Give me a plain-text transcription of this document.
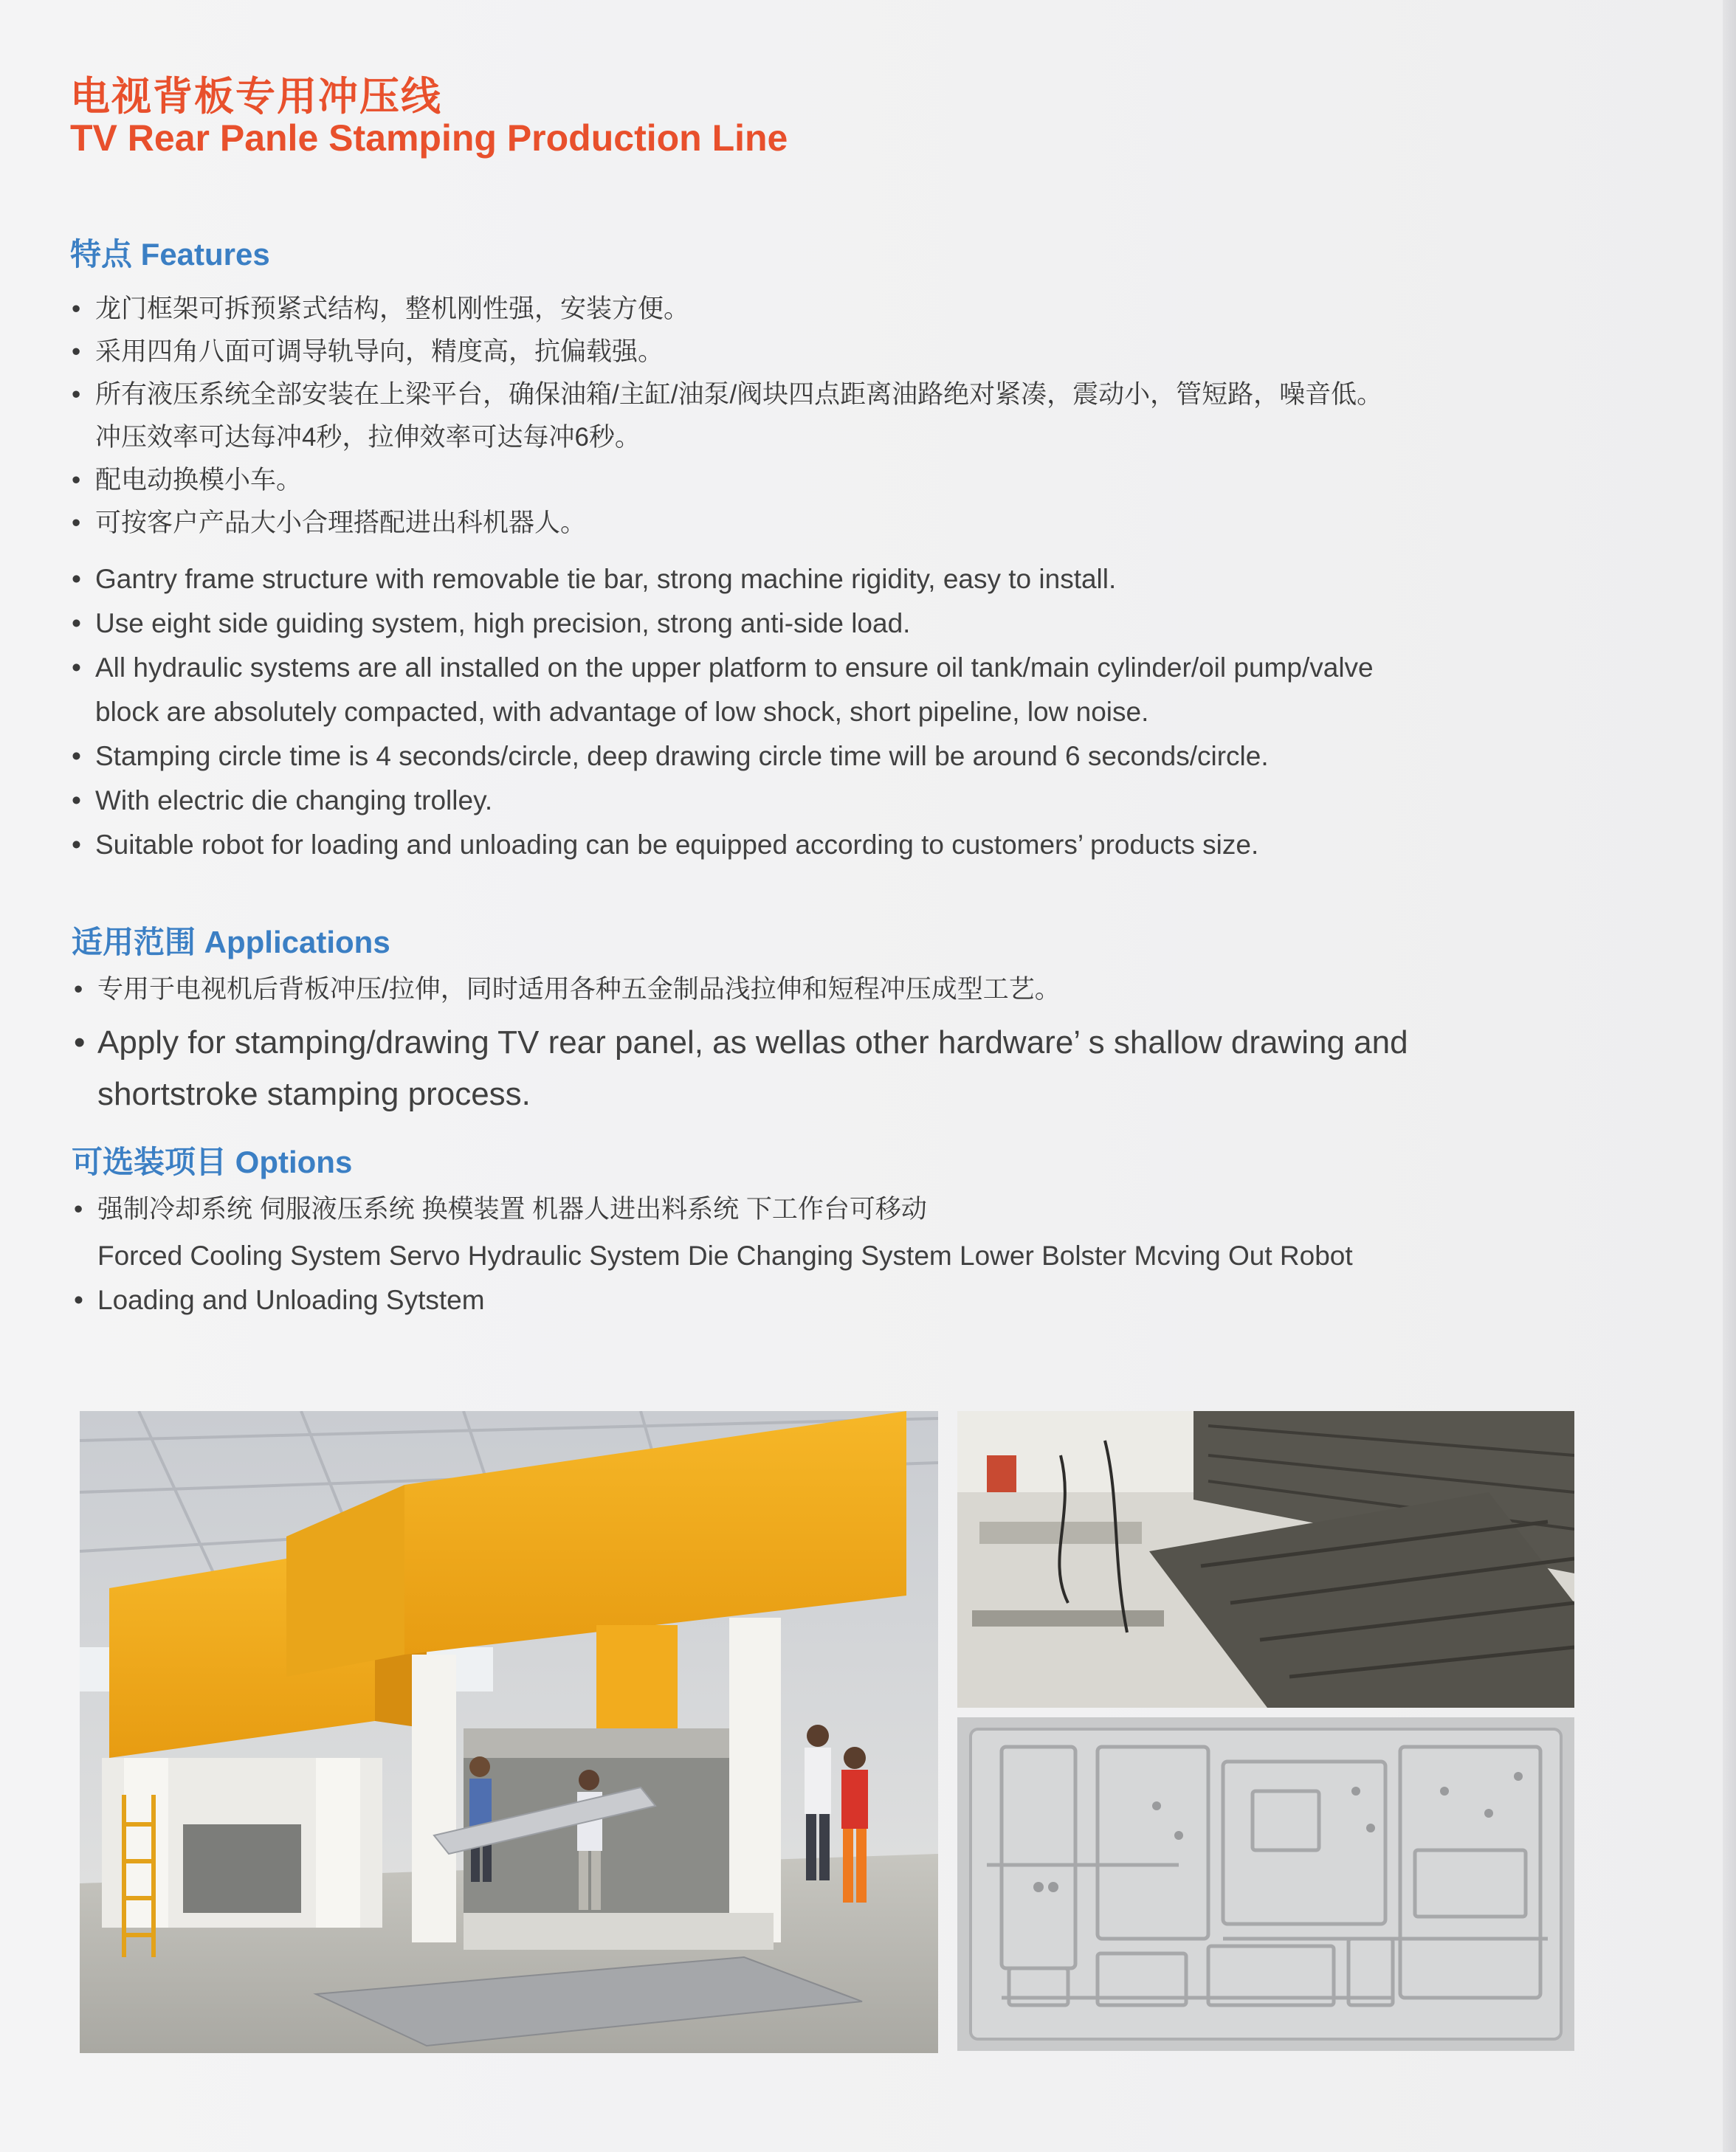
电视背板专用冲压线
TV Rear Panle Stamping Production Line
特点 Features
• 龙门框架可拆预紧式结构，整机刚性强，安装方便。
• 采用四角八面可调导轨导向，精度高，抗偏载强。
• 所有液压系统全部安装在上梁平台，确保油箱/主缸/油泵/阀块四点距离油路绝对紧凑，震动小，管短路，噪音低。
冲压效率可达每冲4秒，拉伸效率可达每冲6秒。
• 配电动换模小车。
• 可按客户产品大小合理搭配进出科机器人。
• Gantry frame structure with removable tie bar, strong machine rigidity, easy to install.
• Use eight side guiding system, high precision, strong anti-side load.
• All hydraulic systems are all installed on the upper platform to ensure oil tank/main cylinder/oil pump/valve
block are absolutely compacted, with advantage of low shock, short pipeline, low noise.
• Stamping circle time is 4 seconds/circle, deep drawing circle time will be around 6 seconds/circle.
• With electric die changing trolley.
• Suitable robot for loading and unloading can be equipped according to customers’ products size.
适用范围 Applications
• 专用于电视机后背板冲压/拉伸，同时适用各种五金制品浅拉伸和短程冲压成型工艺。
• Apply for stamping/drawing TV rear panel, as wellas other hardware’ s shallow drawing and
shortstroke stamping process.
可选装项目 Options
• 强制冷却系统 伺服液压系统 换模装置 机器人进出料系统 下工作台可移动
Forced Cooling System Servo Hydraulic System Die Changing System Lower Bolster Mcving Out Robot
• Loading and Unloading Sytstem
